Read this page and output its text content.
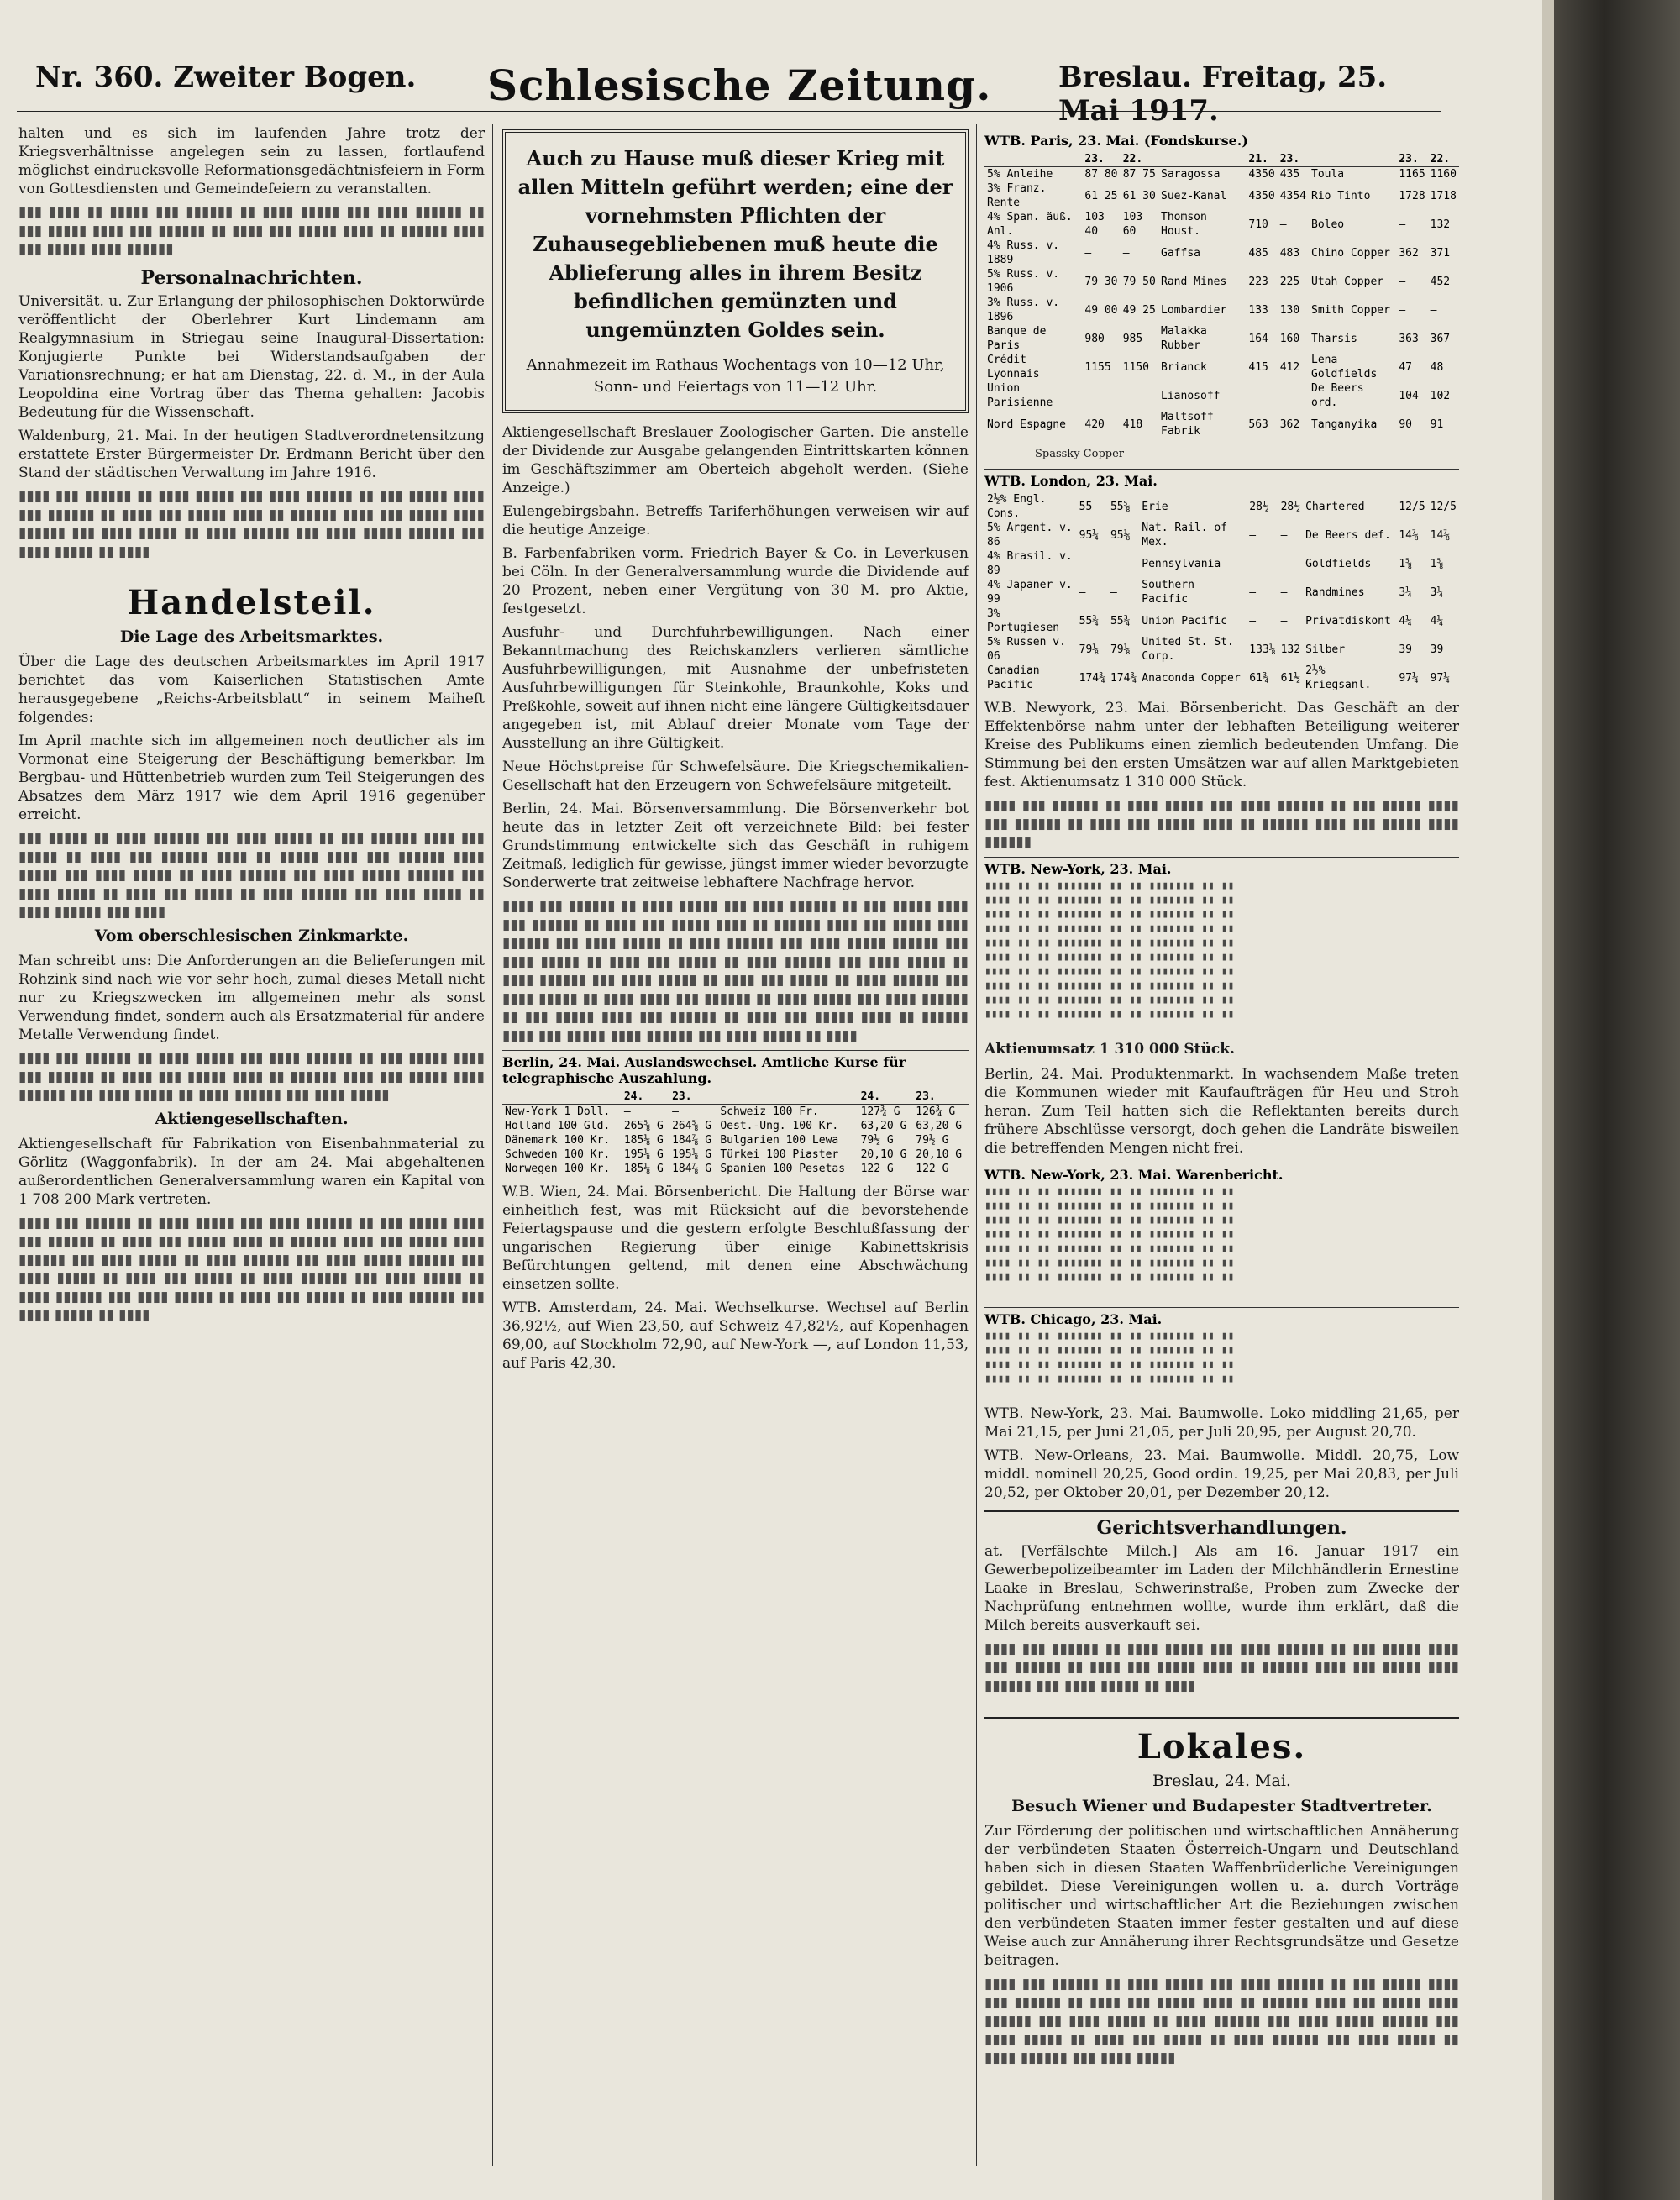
Nr. 360. Zweiter Bogen. Schlesische Zeitung. Breslau. Freitag, 25. Mai 1917.

halten und es sich im laufenden Jahre trotz der Kriegsverhältnisse angelegen sein zu lassen, fortlaufend möglichst eindrucksvolle Reformationsgedächtnisfeiern in Form von Gottesdiensten und Gemeindefeiern zu veranstalten.

▮▮▮ ▮▮▮▮ ▮▮ ▮▮▮▮▮ ▮▮▮ ▮▮▮▮▮▮ ▮▮ ▮▮▮▮ ▮▮▮▮▮ ▮▮▮ ▮▮▮▮ ▮▮▮▮▮▮ ▮▮ ▮▮▮ ▮▮▮▮▮ ▮▮▮▮ ▮▮▮ ▮▮▮▮▮▮ ▮▮ ▮▮▮▮ ▮▮▮ ▮▮▮▮▮ ▮▮▮▮ ▮▮ ▮▮▮▮▮▮ ▮▮▮▮ ▮▮▮ ▮▮▮▮▮ ▮▮▮▮ ▮▮▮▮▮▮

Personalnachrichten.

Universität. u. Zur Erlangung der philosophischen Doktorwürde veröffentlicht der Oberlehrer Kurt Lindemann am Realgymnasium in Striegau seine Inaugural-Dissertation: Konjugierte Punkte bei Widerstandsaufgaben der Variationsrechnung; er hat am Dienstag, 22. d. M., in der Aula Leopoldina eine Vortrag über das Thema gehalten: Jacobis Bedeutung für die Wissenschaft.

Waldenburg, 21. Mai. In der heutigen Stadtverordnetensitzung erstattete Erster Bürgermeister Dr. Erdmann Bericht über den Stand der städtischen Verwaltung im Jahre 1916.

▮▮▮▮ ▮▮▮ ▮▮▮▮▮▮ ▮▮ ▮▮▮▮ ▮▮▮▮▮ ▮▮▮ ▮▮▮▮ ▮▮▮▮▮▮ ▮▮ ▮▮▮ ▮▮▮▮▮ ▮▮▮▮ ▮▮▮ ▮▮▮▮▮▮ ▮▮ ▮▮▮▮ ▮▮▮ ▮▮▮▮▮ ▮▮▮▮ ▮▮ ▮▮▮▮▮▮ ▮▮▮▮ ▮▮▮ ▮▮▮▮▮ ▮▮▮▮ ▮▮▮▮▮▮ ▮▮▮ ▮▮▮▮ ▮▮▮▮▮ ▮▮ ▮▮▮▮ ▮▮▮▮▮▮ ▮▮▮ ▮▮▮▮ ▮▮▮▮▮ ▮▮▮▮▮▮ ▮▮▮ ▮▮▮▮ ▮▮▮▮▮ ▮▮ ▮▮▮▮

Handelsteil.
Die Lage des Arbeitsmarktes.

Über die Lage des deutschen Arbeitsmarktes im April 1917 berichtet das vom Kaiserlichen Statistischen Amte herausgegebene „Reichs-Arbeitsblatt“ in seinem Maiheft folgendes:

Im April machte sich im allgemeinen noch deutlicher als im Vormonat eine Steigerung der Beschäftigung bemerkbar. Im Bergbau- und Hüttenbetrieb wurden zum Teil Steigerungen des Absatzes dem März 1917 wie dem April 1916 gegenüber erreicht.

▮▮▮ ▮▮▮▮▮ ▮▮ ▮▮▮▮ ▮▮▮▮▮▮ ▮▮▮ ▮▮▮▮ ▮▮▮▮▮ ▮▮ ▮▮▮ ▮▮▮▮▮▮ ▮▮▮▮ ▮▮▮ ▮▮▮▮▮ ▮▮ ▮▮▮▮ ▮▮▮ ▮▮▮▮▮▮ ▮▮▮▮ ▮▮ ▮▮▮▮▮ ▮▮▮▮ ▮▮▮ ▮▮▮▮▮▮ ▮▮▮▮ ▮▮▮▮▮ ▮▮▮ ▮▮▮▮ ▮▮▮▮▮ ▮▮ ▮▮▮▮ ▮▮▮▮▮▮ ▮▮▮ ▮▮▮▮ ▮▮▮▮▮ ▮▮▮▮▮▮ ▮▮▮ ▮▮▮▮ ▮▮▮▮▮ ▮▮ ▮▮▮▮ ▮▮▮ ▮▮▮▮▮ ▮▮ ▮▮▮▮ ▮▮▮▮▮▮ ▮▮▮ ▮▮▮▮ ▮▮▮▮▮ ▮▮ ▮▮▮▮ ▮▮▮▮▮▮ ▮▮▮ ▮▮▮▮

Vom oberschlesischen Zinkmarkte.

Man schreibt uns: Die Anforderungen an die Belieferungen mit Rohzink sind nach wie vor sehr hoch, zumal dieses Metall nicht nur zu Kriegszwecken im allgemeinen mehr als sonst Verwendung findet, sondern auch als Ersatzmaterial für andere Metalle Verwendung findet.

▮▮▮▮ ▮▮▮ ▮▮▮▮▮▮ ▮▮ ▮▮▮▮ ▮▮▮▮▮ ▮▮▮ ▮▮▮▮ ▮▮▮▮▮▮ ▮▮ ▮▮▮ ▮▮▮▮▮ ▮▮▮▮ ▮▮▮ ▮▮▮▮▮▮ ▮▮ ▮▮▮▮ ▮▮▮ ▮▮▮▮▮ ▮▮▮▮ ▮▮ ▮▮▮▮▮▮ ▮▮▮▮ ▮▮▮ ▮▮▮▮▮ ▮▮▮▮ ▮▮▮▮▮▮ ▮▮▮ ▮▮▮▮ ▮▮▮▮▮ ▮▮ ▮▮▮▮ ▮▮▮▮▮▮ ▮▮▮ ▮▮▮▮ ▮▮▮▮▮

Aktiengesellschaften.

Aktiengesellschaft für Fabrikation von Eisenbahnmaterial zu Görlitz (Waggonfabrik). In der am 24. Mai abgehaltenen außerordentlichen Generalversammlung waren ein Kapital von 1 708 200 Mark vertreten.

▮▮▮▮ ▮▮▮ ▮▮▮▮▮▮ ▮▮ ▮▮▮▮ ▮▮▮▮▮ ▮▮▮ ▮▮▮▮ ▮▮▮▮▮▮ ▮▮ ▮▮▮ ▮▮▮▮▮ ▮▮▮▮ ▮▮▮ ▮▮▮▮▮▮ ▮▮ ▮▮▮▮ ▮▮▮ ▮▮▮▮▮ ▮▮▮▮ ▮▮ ▮▮▮▮▮▮ ▮▮▮▮ ▮▮▮ ▮▮▮▮▮ ▮▮▮▮ ▮▮▮▮▮▮ ▮▮▮ ▮▮▮▮ ▮▮▮▮▮ ▮▮ ▮▮▮▮ ▮▮▮▮▮▮ ▮▮▮ ▮▮▮▮ ▮▮▮▮▮ ▮▮▮▮▮▮ ▮▮▮ ▮▮▮▮ ▮▮▮▮▮ ▮▮ ▮▮▮▮ ▮▮▮ ▮▮▮▮▮ ▮▮ ▮▮▮▮ ▮▮▮▮▮▮ ▮▮▮ ▮▮▮▮ ▮▮▮▮▮ ▮▮ ▮▮▮▮ ▮▮▮▮▮▮ ▮▮▮ ▮▮▮▮ ▮▮▮▮▮ ▮▮ ▮▮▮▮ ▮▮▮ ▮▮▮▮▮ ▮▮ ▮▮▮▮ ▮▮▮▮▮▮ ▮▮▮ ▮▮▮▮ ▮▮▮▮▮ ▮▮ ▮▮▮▮

Auch zu Hause muß dieser Krieg mit allen Mitteln geführt werden; eine der vornehmsten Pflichten der Zuhausegebliebenen muß heute die Ablieferung alles in ihrem Besitz befindlichen gemünzten und ungemünzten Goldes sein.
Annahmezeit im Rathaus Wochentags von 10—12 Uhr, Sonn- und Feiertags von 11—12 Uhr.

Aktiengesellschaft Breslauer Zoologischer Garten. Die anstelle der Dividende zur Ausgabe gelangenden Eintrittskarten können im Geschäftszimmer am Oberteich abgeholt werden. (Siehe Anzeige.)

Eulengebirgsbahn. Betreffs Tariferhöhungen verweisen wir auf die heutige Anzeige.

B. Farbenfabriken vorm. Friedrich Bayer & Co. in Leverkusen bei Cöln. In der Generalversammlung wurde die Dividende auf 20 Prozent, neben einer Vergütung von 30 M. pro Aktie, festgesetzt.

Ausfuhr- und Durchfuhrbewilligungen. Nach einer Bekanntmachung des Reichskanzlers verlieren sämtliche Ausfuhrbewilligungen, mit Ausnahme der unbefristeten Ausfuhrbewilligungen für Steinkohle, Braunkohle, Koks und Preßkohle, soweit auf ihnen nicht eine längere Gültigkeitsdauer angegeben ist, mit Ablauf dreier Monate vom Tage der Ausstellung an ihre Gültigkeit.

Neue Höchstpreise für Schwefelsäure. Die Kriegschemikalien-Gesellschaft hat den Erzeugern von Schwefelsäure mitgeteilt.

Berlin, 24. Mai. Börsenversammlung. Die Börsenverkehr bot heute das in letzter Zeit oft verzeichnete Bild: bei fester Grundstimmung entwickelte sich das Geschäft in ruhigem Zeitmaß, lediglich für gewisse, jüngst immer wieder bevorzugte Sonderwerte trat zeitweise lebhaftere Nachfrage hervor.

▮▮▮▮ ▮▮▮ ▮▮▮▮▮▮ ▮▮ ▮▮▮▮ ▮▮▮▮▮ ▮▮▮ ▮▮▮▮ ▮▮▮▮▮▮ ▮▮ ▮▮▮ ▮▮▮▮▮ ▮▮▮▮ ▮▮▮ ▮▮▮▮▮▮ ▮▮ ▮▮▮▮ ▮▮▮ ▮▮▮▮▮ ▮▮▮▮ ▮▮ ▮▮▮▮▮▮ ▮▮▮▮ ▮▮▮ ▮▮▮▮▮ ▮▮▮▮ ▮▮▮▮▮▮ ▮▮▮ ▮▮▮▮ ▮▮▮▮▮ ▮▮ ▮▮▮▮ ▮▮▮▮▮▮ ▮▮▮ ▮▮▮▮ ▮▮▮▮▮ ▮▮▮▮▮▮ ▮▮▮ ▮▮▮▮ ▮▮▮▮▮ ▮▮ ▮▮▮▮ ▮▮▮ ▮▮▮▮▮ ▮▮ ▮▮▮▮ ▮▮▮▮▮▮ ▮▮▮ ▮▮▮▮ ▮▮▮▮▮ ▮▮ ▮▮▮▮ ▮▮▮▮▮▮ ▮▮▮ ▮▮▮▮ ▮▮▮▮▮ ▮▮ ▮▮▮▮ ▮▮▮ ▮▮▮▮▮ ▮▮ ▮▮▮▮ ▮▮▮▮▮▮ ▮▮▮ ▮▮▮▮ ▮▮▮▮▮ ▮▮ ▮▮▮▮ ▮▮▮▮ ▮▮▮ ▮▮▮▮▮▮ ▮▮ ▮▮▮▮ ▮▮▮▮▮ ▮▮▮ ▮▮▮▮ ▮▮▮▮▮▮ ▮▮ ▮▮▮ ▮▮▮▮▮ ▮▮▮▮ ▮▮▮ ▮▮▮▮▮▮ ▮▮ ▮▮▮▮ ▮▮▮ ▮▮▮▮▮ ▮▮▮▮ ▮▮ ▮▮▮▮▮▮ ▮▮▮▮ ▮▮▮ ▮▮▮▮▮ ▮▮▮▮ ▮▮▮▮▮▮ ▮▮▮ ▮▮▮▮ ▮▮▮▮▮ ▮▮ ▮▮▮▮

Berlin, 24. Mai. Auslandswechsel. Amtliche Kurse für telegraphische Auszahlung.
	24.	23.		24.	23.
New-York 1 Doll.	—	—	Schweiz 100 Fr.	127¾ G	126¾ G
Holland 100 Gld.	265⅝ G	264⅝ G	Oest.-Ung. 100 Kr.	63,20 G	63,20 G
Dänemark 100 Kr.	185⅛ G	184⅞ G	Bulgarien 100 Lewa	79½ G	79½ G
Schweden 100 Kr.	195⅛ G	195⅛ G	Türkei 100 Piaster	20,10 G	20,10 G
Norwegen 100 Kr.	185⅛ G	184⅞ G	Spanien 100 Pesetas	122 G	122 G

W.B. Wien, 24. Mai. Börsenbericht. Die Haltung der Börse war einheitlich fest, was mit Rücksicht auf die bevorstehende Feiertagspause und die gestern erfolgte Beschlußfassung der ungarischen Regierung über einige Kabinettskrisis Befürchtungen geltend, mit denen eine Abschwächung einsetzen sollte.

WTB. Amsterdam, 24. Mai. Wechselkurse. Wechsel auf Berlin 36,92½, auf Wien 23,50, auf Schweiz 47,82½, auf Kopenhagen 69,00, auf Stockholm 72,90, auf New-York —, auf London 11,53, auf Paris 42,30.

WTB. Paris, 23. Mai. (Fondskurse.)
	23.	22.		21.	23.		23.	22.
5% Anleihe	87 80	87 75	Saragossa	4350	435	Toula	1165	1160
3% Franz. Rente	61 25	61 30	Suez-Kanal	4350	4354	Rio Tinto	1728	1718
4% Span. äuß. Anl.	103 40	103 60	Thomson Houst.	710	—	Boleo	—	132
4% Russ. v. 1889	—	—	Gaffsa	485	483	Chino Copper	362	371
5% Russ. v. 1906	79 30	79 50	Rand Mines	223	225	Utah Copper	—	452
3% Russ. v. 1896	49 00	49 25	Lombardier	133	130	Smith Copper	—	—
Banque de Paris	980	985	Malakka Rubber	164	160	Tharsis	363	367
Crédit Lyonnais	1155	1150	Brianck	415	412	Lena Goldfields	47	48
Union Parisienne	—	—	Lianosoff	—	—	De Beers ord.	104	102
Nord Espagne	420	418	Maltsoff Fabrik	563	362	Tanganyika	90	91
Spassky Copper —
WTB. London, 23. Mai.
2½% Engl. Cons.	55	55⅝	Erie	28½	28½	Chartered	12/5	12/5
5% Argent. v. 86	95¼	95⅛	Nat. Rail. of Mex.	—	—	De Beers def.	14⅞	14⅞
4% Brasil. v. 89	—	—	Pennsylvania	—	—	Goldfields	1⅝	1⅝
4% Japaner v. 99	—	—	Southern Pacific	—	—	Randmines	3¼	3¼
3% Portugiesen	55¾	55¾	Union Pacific	—	—	Privatdiskont	4¼	4¼
5% Russen v. 06	79⅛	79⅛	United St. St. Corp.	133⅛	132	Silber	39	39
Canadian Pacific	174¾	174¾	Anaconda Copper	61¾	61½	2½% Kriegsanl.	97¼	97¼

W.B. Newyork, 23. Mai. Börsenbericht. Das Geschäft an der Effektenbörse nahm unter der lebhaften Beteiligung weiterer Kreise des Publikums einen ziemlich bedeutenden Umfang. Die Stimmung bei den ersten Umsätzen war auf allen Marktgebieten fest. Aktienumsatz 1 310 000 Stück.

▮▮▮▮ ▮▮▮ ▮▮▮▮▮▮ ▮▮ ▮▮▮▮ ▮▮▮▮▮ ▮▮▮ ▮▮▮▮ ▮▮▮▮▮▮ ▮▮ ▮▮▮ ▮▮▮▮▮ ▮▮▮▮ ▮▮▮ ▮▮▮▮▮▮ ▮▮ ▮▮▮▮ ▮▮▮ ▮▮▮▮▮ ▮▮▮▮ ▮▮ ▮▮▮▮▮▮ ▮▮▮▮ ▮▮▮ ▮▮▮▮▮ ▮▮▮▮ ▮▮▮▮▮▮

WTB. New-York, 23. Mai.
▮▮▮▮ ▮▮ ▮▮ ▮▮▮▮▮▮▮ ▮▮ ▮▮ ▮▮▮▮▮▮▮ ▮▮ ▮▮
▮▮▮▮ ▮▮ ▮▮ ▮▮▮▮▮▮▮ ▮▮ ▮▮ ▮▮▮▮▮▮▮ ▮▮ ▮▮
▮▮▮▮ ▮▮ ▮▮ ▮▮▮▮▮▮▮ ▮▮ ▮▮ ▮▮▮▮▮▮▮ ▮▮ ▮▮
▮▮▮▮ ▮▮ ▮▮ ▮▮▮▮▮▮▮ ▮▮ ▮▮ ▮▮▮▮▮▮▮ ▮▮ ▮▮
▮▮▮▮ ▮▮ ▮▮ ▮▮▮▮▮▮▮ ▮▮ ▮▮ ▮▮▮▮▮▮▮ ▮▮ ▮▮
▮▮▮▮ ▮▮ ▮▮ ▮▮▮▮▮▮▮ ▮▮ ▮▮ ▮▮▮▮▮▮▮ ▮▮ ▮▮
▮▮▮▮ ▮▮ ▮▮ ▮▮▮▮▮▮▮ ▮▮ ▮▮ ▮▮▮▮▮▮▮ ▮▮ ▮▮
▮▮▮▮ ▮▮ ▮▮ ▮▮▮▮▮▮▮ ▮▮ ▮▮ ▮▮▮▮▮▮▮ ▮▮ ▮▮
▮▮▮▮ ▮▮ ▮▮ ▮▮▮▮▮▮▮ ▮▮ ▮▮ ▮▮▮▮▮▮▮ ▮▮ ▮▮
▮▮▮▮ ▮▮ ▮▮ ▮▮▮▮▮▮▮ ▮▮ ▮▮ ▮▮▮▮▮▮▮ ▮▮ ▮▮
Aktienumsatz 1 310 000 Stück.

Berlin, 24. Mai. Produktenmarkt. In wachsendem Maße treten die Kommunen wieder mit Kaufaufträgen für Heu und Stroh heran. Zum Teil hatten sich die Reflektanten bereits durch frühere Abschlüsse versorgt, doch gehen die Landräte bisweilen die betreffenden Mengen nicht frei.

WTB. New-York, 23. Mai. Warenbericht.
▮▮▮▮ ▮▮ ▮▮ ▮▮▮▮▮▮▮ ▮▮ ▮▮ ▮▮▮▮▮▮▮ ▮▮ ▮▮
▮▮▮▮ ▮▮ ▮▮ ▮▮▮▮▮▮▮ ▮▮ ▮▮ ▮▮▮▮▮▮▮ ▮▮ ▮▮
▮▮▮▮ ▮▮ ▮▮ ▮▮▮▮▮▮▮ ▮▮ ▮▮ ▮▮▮▮▮▮▮ ▮▮ ▮▮
▮▮▮▮ ▮▮ ▮▮ ▮▮▮▮▮▮▮ ▮▮ ▮▮ ▮▮▮▮▮▮▮ ▮▮ ▮▮
▮▮▮▮ ▮▮ ▮▮ ▮▮▮▮▮▮▮ ▮▮ ▮▮ ▮▮▮▮▮▮▮ ▮▮ ▮▮
▮▮▮▮ ▮▮ ▮▮ ▮▮▮▮▮▮▮ ▮▮ ▮▮ ▮▮▮▮▮▮▮ ▮▮ ▮▮
▮▮▮▮ ▮▮ ▮▮ ▮▮▮▮▮▮▮ ▮▮ ▮▮ ▮▮▮▮▮▮▮ ▮▮ ▮▮
WTB. Chicago, 23. Mai.
▮▮▮▮ ▮▮ ▮▮ ▮▮▮▮▮▮▮ ▮▮ ▮▮ ▮▮▮▮▮▮▮ ▮▮ ▮▮
▮▮▮▮ ▮▮ ▮▮ ▮▮▮▮▮▮▮ ▮▮ ▮▮ ▮▮▮▮▮▮▮ ▮▮ ▮▮
▮▮▮▮ ▮▮ ▮▮ ▮▮▮▮▮▮▮ ▮▮ ▮▮ ▮▮▮▮▮▮▮ ▮▮ ▮▮
▮▮▮▮ ▮▮ ▮▮ ▮▮▮▮▮▮▮ ▮▮ ▮▮ ▮▮▮▮▮▮▮ ▮▮ ▮▮

WTB. New-York, 23. Mai. Baumwolle. Loko middling 21,65, per Mai 21,15, per Juni 21,05, per Juli 20,95, per August 20,70.

WTB. New-Orleans, 23. Mai. Baumwolle. Middl. 20,75, Low middl. nominell 20,25, Good ordin. 19,25, per Mai 20,83, per Juli 20,52, per Oktober 20,01, per Dezember 20,12.

Gerichtsverhandlungen.

at. [Verfälschte Milch.] Als am 16. Januar 1917 ein Gewerbepolizeibeamter im Laden der Milchhändlerin Ernestine Laake in Breslau, Schwerinstraße, Proben zum Zwecke der Nachprüfung entnehmen wollte, wurde ihm erklärt, daß die Milch bereits ausverkauft sei.

▮▮▮▮ ▮▮▮ ▮▮▮▮▮▮ ▮▮ ▮▮▮▮ ▮▮▮▮▮ ▮▮▮ ▮▮▮▮ ▮▮▮▮▮▮ ▮▮ ▮▮▮ ▮▮▮▮▮ ▮▮▮▮ ▮▮▮ ▮▮▮▮▮▮ ▮▮ ▮▮▮▮ ▮▮▮ ▮▮▮▮▮ ▮▮▮▮ ▮▮ ▮▮▮▮▮▮ ▮▮▮▮ ▮▮▮ ▮▮▮▮▮ ▮▮▮▮ ▮▮▮▮▮▮ ▮▮▮ ▮▮▮▮ ▮▮▮▮▮ ▮▮ ▮▮▮▮

Lokales.
Breslau, 24. Mai.
Besuch Wiener und Budapester Stadtvertreter.

Zur Förderung der politischen und wirtschaftlichen Annäherung der verbündeten Staaten Österreich-Ungarn und Deutschland haben sich in diesen Staaten Waffenbrüderliche Vereinigungen gebildet. Diese Vereinigungen wollen u. a. durch Vorträge politischer und wirtschaftlicher Art die Beziehungen zwischen den verbündeten Staaten immer fester gestalten und auf diese Weise auch zur Annäherung ihrer Rechtsgrundsätze und Gesetze beitragen.

▮▮▮▮ ▮▮▮ ▮▮▮▮▮▮ ▮▮ ▮▮▮▮ ▮▮▮▮▮ ▮▮▮ ▮▮▮▮ ▮▮▮▮▮▮ ▮▮ ▮▮▮ ▮▮▮▮▮ ▮▮▮▮ ▮▮▮ ▮▮▮▮▮▮ ▮▮ ▮▮▮▮ ▮▮▮ ▮▮▮▮▮ ▮▮▮▮ ▮▮ ▮▮▮▮▮▮ ▮▮▮▮ ▮▮▮ ▮▮▮▮▮ ▮▮▮▮ ▮▮▮▮▮▮ ▮▮▮ ▮▮▮▮ ▮▮▮▮▮ ▮▮ ▮▮▮▮ ▮▮▮▮▮▮ ▮▮▮ ▮▮▮▮ ▮▮▮▮▮ ▮▮▮▮▮▮ ▮▮▮ ▮▮▮▮ ▮▮▮▮▮ ▮▮ ▮▮▮▮ ▮▮▮ ▮▮▮▮▮ ▮▮ ▮▮▮▮ ▮▮▮▮▮▮ ▮▮▮ ▮▮▮▮ ▮▮▮▮▮ ▮▮ ▮▮▮▮ ▮▮▮▮▮▮ ▮▮▮ ▮▮▮▮ ▮▮▮▮▮
